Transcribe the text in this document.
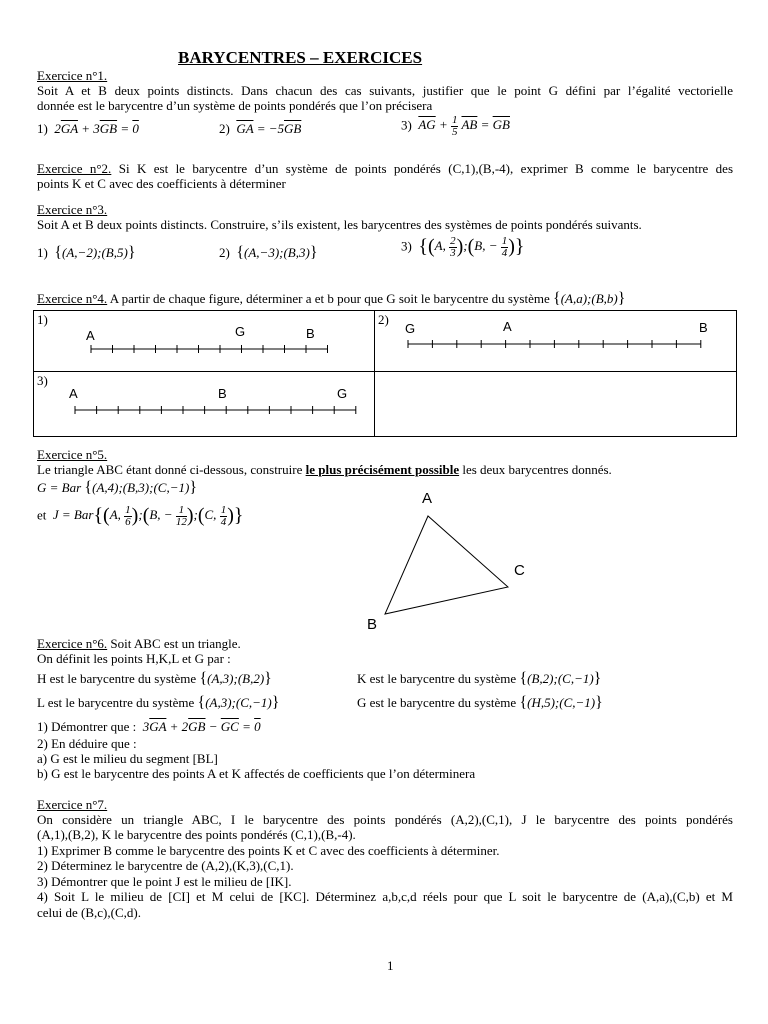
BARYCENTRES – EXERCICES
Exercice n°1.
Soit A et B deux points distincts. Dans chacun des cas suivants, justifier que le point G défini par l’égalité vectorielle
donnée est le barycentre d’un système de points pondérés que l’on précisera
1) $2\overline{GA} + 3\overline{GB} = 0$	2) $\overline{GA} = -5\overline{GB}$	3) $\overline{AG} + \frac{1}{5} \overline{AB} = \overline{GB}$
Exercice n°2. Si K est le barycentre d’un système de points pondérés (C,1),(B,-4), exprimer B comme le barycentre des
points K et C avec des coefficients à déterminer
Exercice n°3.
Soit A et B deux points distincts. Construire, s’ils existent, les barycentres des systèmes de points pondérés suivants.
1) {(A,−2);(B,5)}	2) {(A,−3);(B,3)}	3) {(A, $\frac{2}{3}$ );(B, − $\frac{1}{4}$ )}
Exercice n°4. A partir de chaque figure, déterminer a et b pour que G soit le barycentre du système {(A,a);(B,b)}
1)
A G B	2)
G A B

3)
A B G	

Exercice n°5.
Le triangle ABC étant donné ci-dessous, construire le plus précisément possible les deux barycentres donnés.
G = Bar {(A,4);(B,3);(C,−1)}
et J = Bar{(A, $\frac{1}{6}$ );(B, − $\frac{1}{12}$ );(C, $\frac{1}{4}$ )}
A
B
C
Exercice n°6. Soit ABC est un triangle.
On définit les points H,K,L et G par :
H est le barycentre du système {(A,3);(B,2)}	K est le barycentre du système {(B,2);(C,−1)}
L est le barycentre du système {(A,3);(C,−1)}	G est le barycentre du système {(H,5);(C,−1)}
1) Démontrer que : $3\overline{GA} + 2\overline{GB} - \overline{GC} = 0$
2) En déduire que :
a) G est le milieu du segment [BL]
b) G est le barycentre des points A et K affectés de coefficients que l’on déterminera
Exercice n°7.
On considère un triangle ABC, I le barycentre des points pondérés (A,2),(C,1), J le barycentre des points pondérés
(A,1),(B,2), K le barycentre des points pondérés (C,1),(B,-4).
1) Exprimer B comme le barycentre des points K et C avec des coefficients à déterminer.
2) Déterminez le barycentre de (A,2),(K,3),(C,1).
3) Démontrer que le point J est le milieu de [IK].
4) Soit L le milieu de [CI] et M celui de [KC]. Déterminez a,b,c,d réels pour que L soit le barycentre de (A,a),(C,b) et M
celui de (B,c),(C,d).
1
